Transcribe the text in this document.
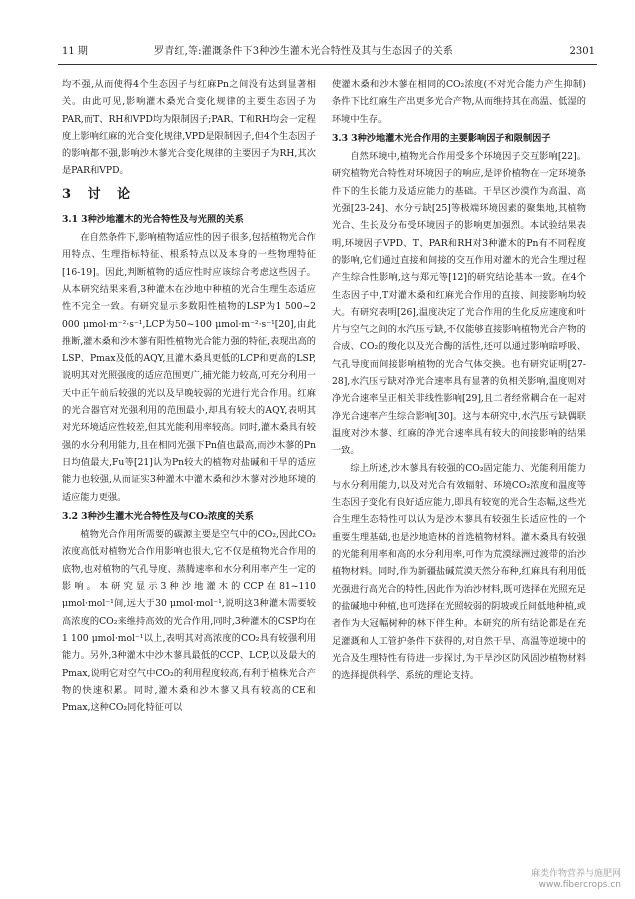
11 期	罗青红,等:灌溉条件下3种沙生灌木光合特性及其与生态因子的关系	2301

均不强,从而使得4个生态因子与红麻Pn之间没有达到显著相关。由此可见,影响灌木桑光合变化规律的主要生态因子为PAR,而T、RH和VPD均为限制因子;PAR、T和RH均会一定程度上影响红麻的光合变化规律,VPD是限制因子,但4个生态因子的影响都不强,影响沙木蓼光合变化规律的主要因子为RH,其次是PAR和VPD。

3 讨 论
3.1 3种沙地灌木的光合特性及与光照的关系

在自然条件下,影响植物适应性的因子很多,包括植物光合作用特点、生理指标特征、根系特点以及本身的一些物理特征[16-19]。因此,判断植物的适应性时应该综合考虑这些因子。从本研究结果来看,3种灌木在沙地中种植的光合生理生态适应性不完全一致。有研究显示多数阳性植物的LSP为1 500~2 000 μmol·m⁻²·s⁻¹,LCP为50~100 μmol·m⁻²·s⁻¹[20],由此推断,灌木桑和沙木蓼有阳性植物光合能力强的特征,表现出高的LSP、Pmax及低的AQY,且灌木桑具更低的LCP和更高的LSP,说明其对光照强度的适应范围更广,捕光能力较高,可充分利用一天中正午前后较强的光以及早晚较弱的光进行光合作用。红麻的光合器官对光强利用的范围最小,却具有较大的AQY,表明其对光环境适应性较差,但其光能利用率较高。同时,灌木桑具有较强的水分利用能力,且在相同光强下Pn值也最高,而沙木蓼的Pn日均值最大,Fu等[21]认为Pn较大的植物对盐碱和干旱的适应能力也较强,从而证实3种灌木中灌木桑和沙木蓼对沙地环境的适应能力更强。

3.2 3种沙生灌木光合特性及与CO₂浓度的关系

植物光合作用所需要的碳源主要是空气中的CO₂,因此CO₂浓度高低对植物光合作用影响也很大,它不仅是植物光合作用的底物,也对植物的气孔导度、蒸腾速率和水分利用率产生一定的影响。本研究显示3种沙地灌木的CCP在81~110 μmol·mol⁻¹间,远大于30 μmol·mol⁻¹,说明这3种灌木需要较高浓度的CO₂来维持高效的光合作用,同时,3种灌木的CSP均在1 100 μmol·mol⁻¹以上,表明其对高浓度的CO₂具有较强利用能力。另外,3种灌木中沙木蓼具最低的CCP、LCP,以及最大的Pmax,说明它对空气中CO₂的利用程度较高,有利于植株光合产物的快速积累。同时,灌木桑和沙木蓼又具有较高的CE和Pmax,这种CO₂同化特征可以

使灌木桑和沙木蓼在相同的CO₂浓度(不对光合能力产生抑制)条件下比红麻生产出更多光合产物,从而维持其在高温、低湿的环境中生存。

3.3 3种沙地灌木光合作用的主要影响因子和限制因子

自然环境中,植物光合作用受多个环境因子交互影响[22]。研究植物光合特性对环境因子的响应,是评价植物在一定环境条件下的生长能力及适应能力的基础。干旱区沙漠作为高温、高光强[23-24]、水分亏缺[25]等极端环境因素的聚集地,其植物光合、生长及分布受环境因子的影响更加强烈。本试验结果表明,环境因子VPD、T、PAR和RH对3种灌木的Pn有不同程度的影响,它们通过直接和间接的交互作用对灌木的光合生理过程产生综合性影响,这与郑元等[12]的研究结论基本一致。在4个生态因子中,T对灌木桑和红麻光合作用的直接、间接影响均较大。有研究表明[26],温度决定了光合作用的生化反应速度和叶片与空气之间的水汽压亏缺,不仅能够直接影响植物光合产物的合成、CO₂的羧化以及光合酶的活性,还可以通过影响暗呼吸、气孔导度而间接影响植物的光合气体交换。也有研究证明[27-28],水汽压亏缺对净光合速率具有显著的负相关影响,温度则对净光合速率呈正相关非线性影响[29],且二者经常耦合在一起对净光合速率产生综合影响[30]。这与本研究中,水汽压亏缺偶联温度对沙木蓼、红麻的净光合速率具有较大的间接影响的结果一致。

综上所述,沙木蓼具有较强的CO₂固定能力、光能利用能力与水分利用能力,以及对光合有效辐射、环境CO₂浓度和温度等生态因子变化有良好适应能力,即具有较宽的光合生态幅,这些光合生理生态特性可以认为是沙木蓼具有较强生长适应性的一个重要生理基础,也是沙地造林的首选植物材料。灌木桑具有较强的光能利用率和高的水分利用率,可作为荒漠绿洲过渡带的治沙植物材料。同时,作为新疆盐碱荒漠天然分布种,红麻具有利用低光强进行高光合的特性,因此作为治沙材料,既可选择在光照充足的盐碱地中种植,也可选择在光照较弱的阴坡或丘间低地种植,或者作为大冠幅树种的林下伴生种。本研究的所有结论都是在充足灌溉和人工管护条件下获得的,对自然干旱、高温等逆境中的光合及生理特性有待进一步探讨,为干旱沙区防风固沙植物材料的选择提供科学、系统的理论支持。

麻类作物营养与施肥网
www.fibercrops.cn
